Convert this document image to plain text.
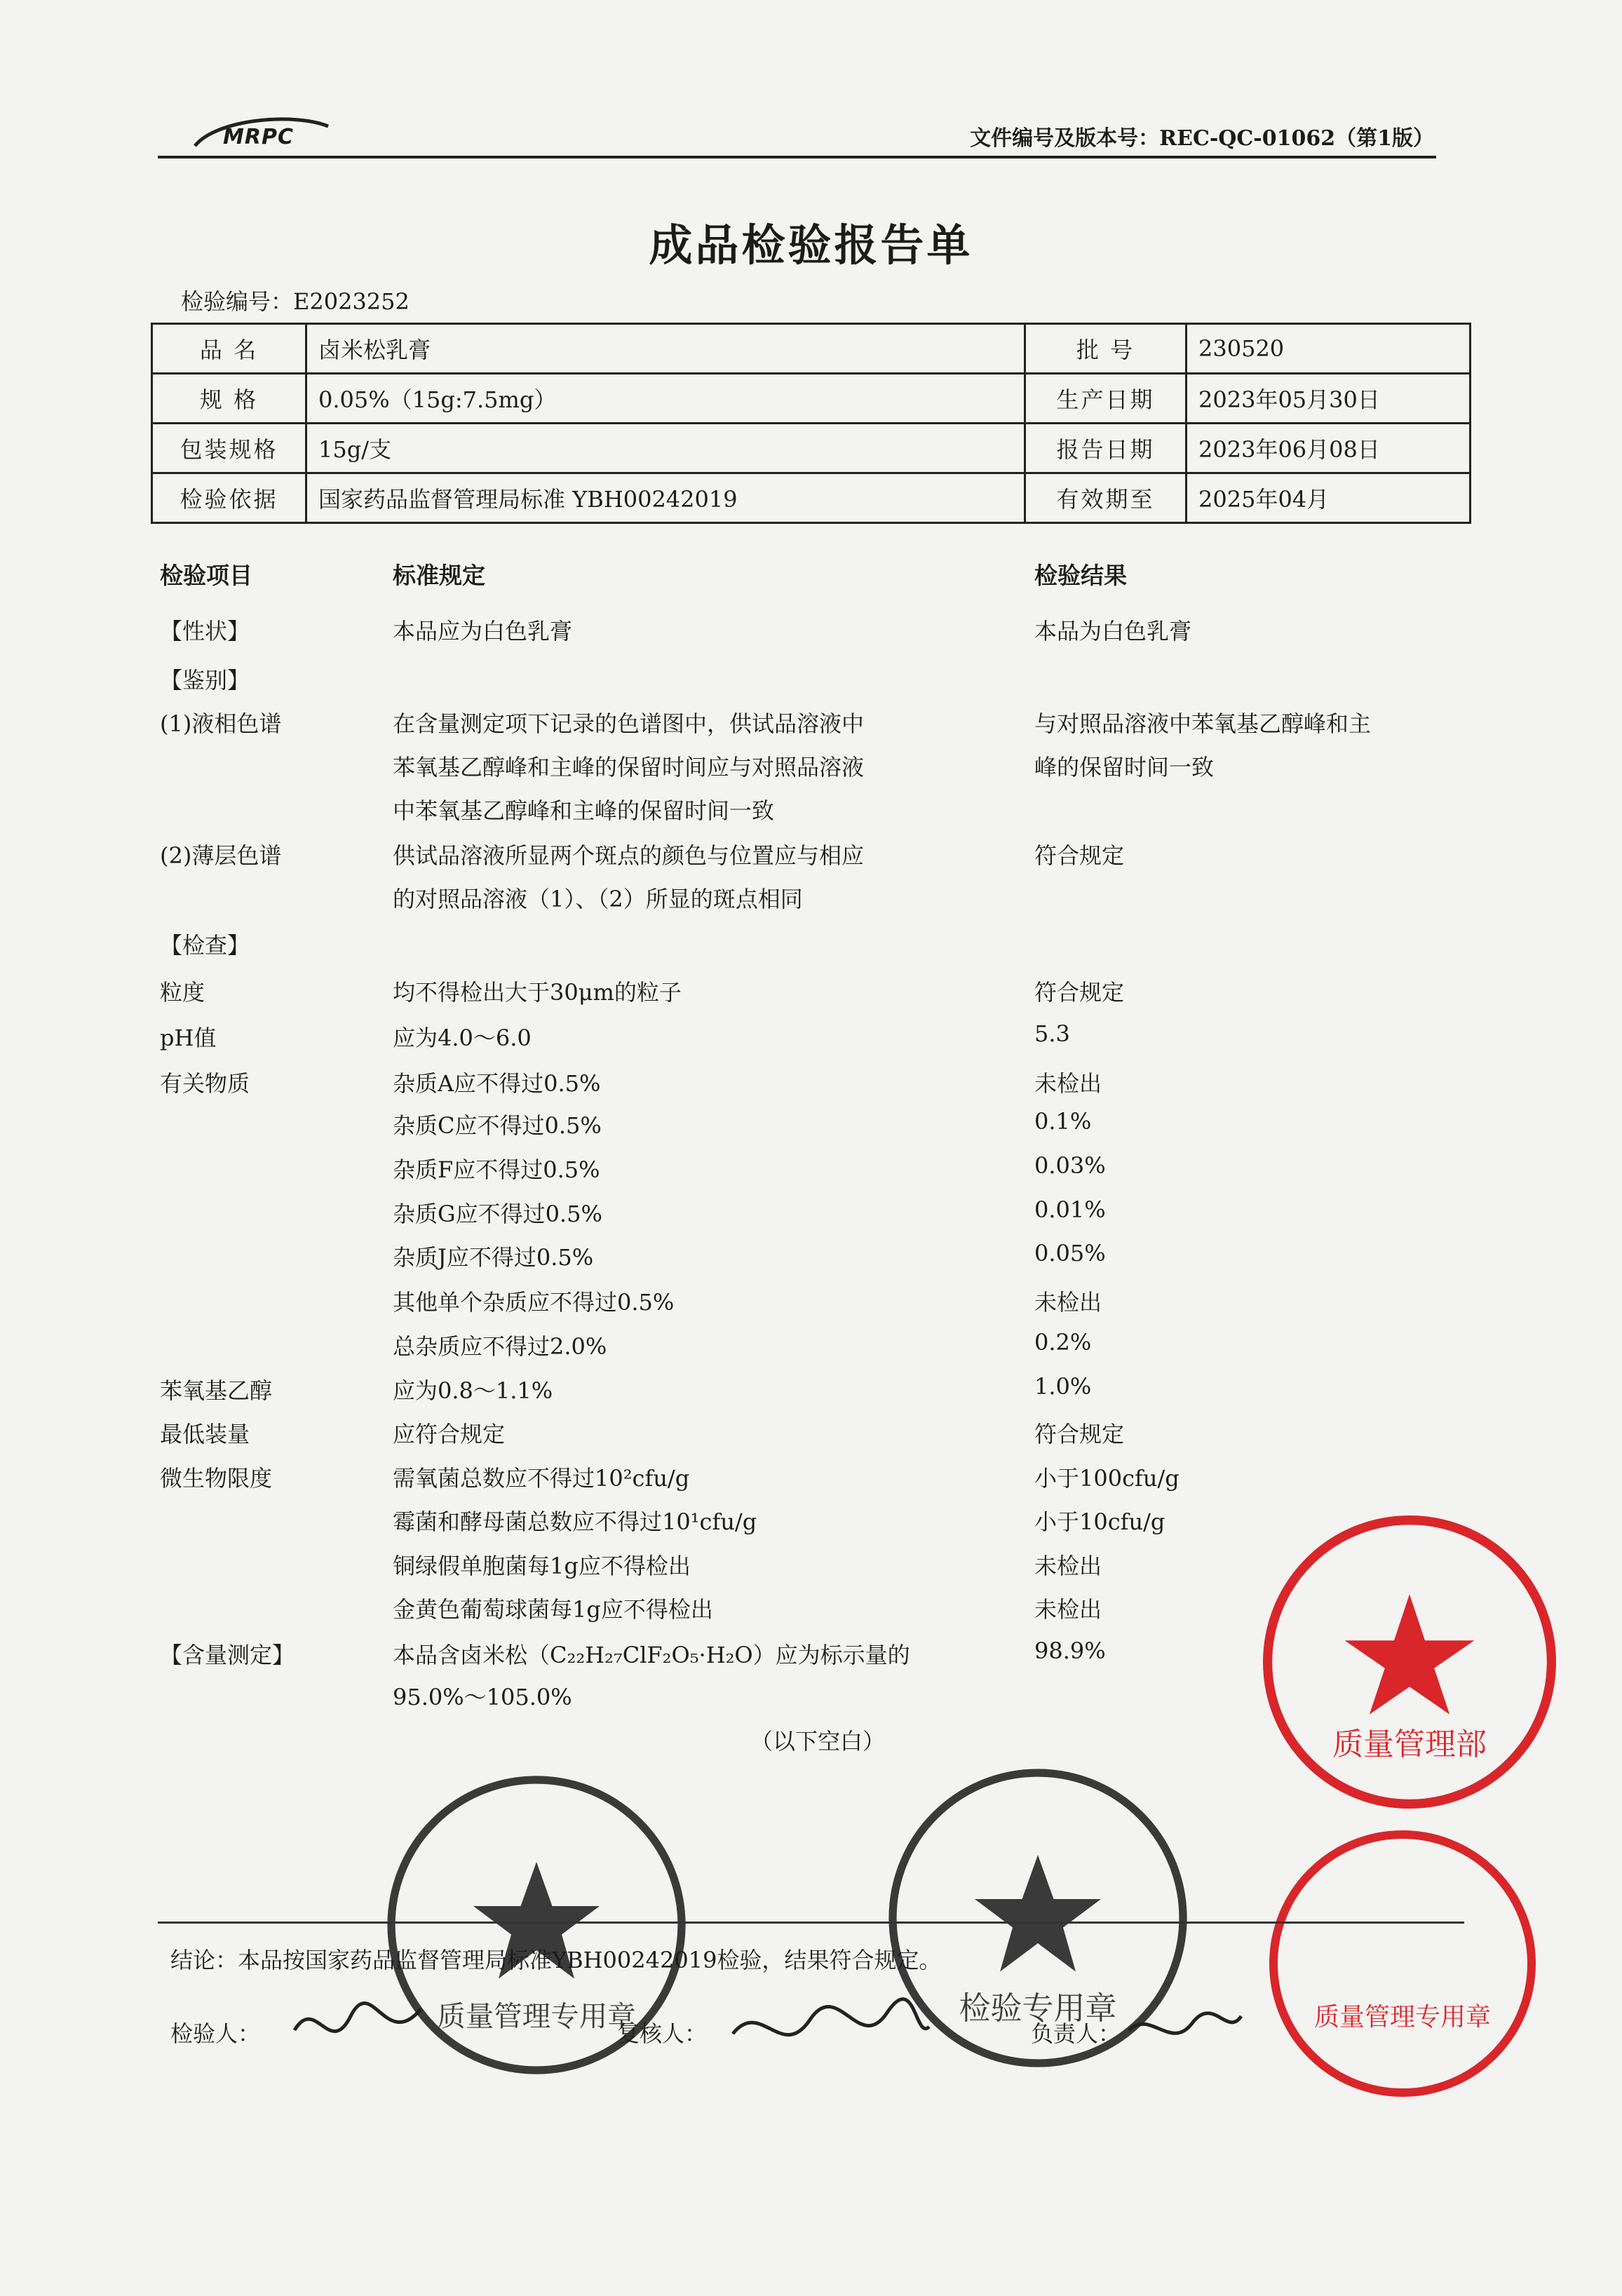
MRPC	文件编号及版本号：REC-QC-01062（第1版）
成品检验报告单
检验编号：E2023252
品 名	卤米松乳膏	批 号	230520
规 格	0.05%（15g:7.5mg）	生产日期	2023年05月30日
包装规格	15g/支	报告日期	2023年06月08日
检验依据	国家药品监督管理局标准 YBH00242019	有效期至	2025年04月
检验项目	标准规定	检验结果
【性状】	本品应为白色乳膏	本品为白色乳膏
【鉴别】
(1)液相色谱	在含量测定项下记录的色谱图中，供试品溶液中	与对照品溶液中苯氧基乙醇峰和主
苯氧基乙醇峰和主峰的保留时间应与对照品溶液	峰的保留时间一致
中苯氧基乙醇峰和主峰的保留时间一致
(2)薄层色谱	供试品溶液所显两个斑点的颜色与位置应与相应	符合规定
的对照品溶液（1）、（2）所显的斑点相同
【检查】
粒度	均不得检出大于30μm的粒子	符合规定
pH值	应为4.0～6.0	5.3
有关物质	杂质A应不得过0.5%	未检出
杂质C应不得过0.5%	0.1%
杂质F应不得过0.5%	0.03%
杂质G应不得过0.5%	0.01%
杂质J应不得过0.5%	0.05%
其他单个杂质应不得过0.5%	未检出
总杂质应不得过2.0%	0.2%
苯氧基乙醇	应为0.8～1.1%	1.0%
最低装量	应符合规定	符合规定
微生物限度	需氧菌总数应不得过10²cfu/g	小于100cfu/g
霉菌和酵母菌总数应不得过10¹cfu/g	小于10cfu/g
铜绿假单胞菌每1g应不得检出	未检出
金黄色葡萄球菌每1g应不得检出	未检出
【含量测定】	本品含卤米松（C₂₂H₂₇ClF₂O₅·H₂O）应为标示量的	98.9%
95.0%～105.0%
（以下空白）	质量管理部
质量管理专用章	检验专用章	质量管理专用章
结论：本品按国家药品监督管理局标准YBH00242019检验，结果符合规定。
检验人：	复核人：	负责人：
